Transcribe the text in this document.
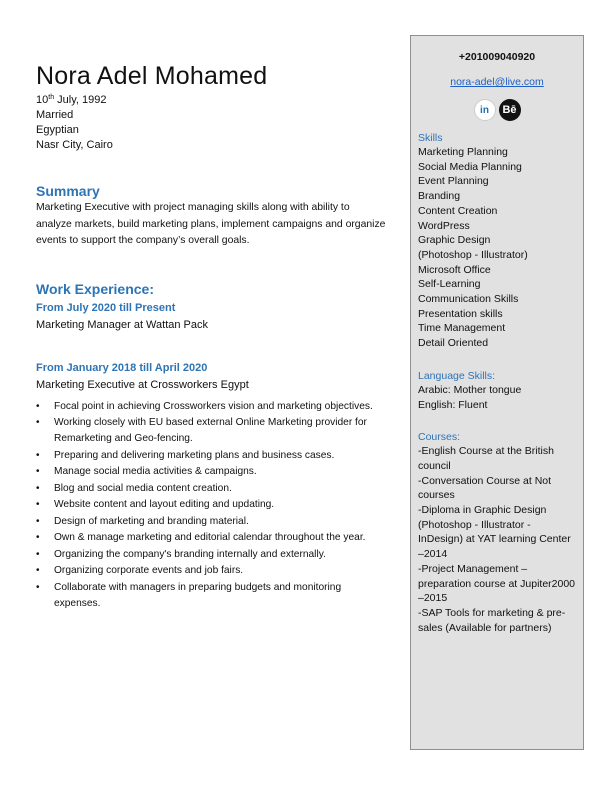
Nora Adel Mohamed
10th July, 1992
Married
Egyptian
Nasr City, Cairo
Summary
Marketing Executive with project managing skills along with ability to analyze markets, build marketing plans, implement campaigns and organize events to support the company’s overall goals.
Work Experience:
From July 2020 till Present
Marketing Manager at Wattan Pack
From January 2018 till April 2020
Marketing Executive at Crossworkers Egypt
• Focal point in achieving Crossworkers vision and marketing objectives.
• Working closely with EU based external Online Marketing provider for Remarketing and Geo-fencing.
• Preparing and delivering marketing plans and business cases.
• Manage social media activities & campaigns.
• Blog and social media content creation.
• Website content and layout editing and updating.
• Design of marketing and branding material.
• Own & manage marketing and editorial calendar throughout the year.
• Organizing the company's branding internally and externally.
• Organizing corporate events and job fairs.
• Collaborate with managers in preparing budgets and monitoring expenses.
+201009040920
nora-adel@live.com
in	Bē
Skills
Marketing Planning
Social Media Planning
Event Planning
Branding
Content Creation
WordPress
Graphic Design
(Photoshop - Illustrator)
Microsoft Office
Self-Learning
Communication Skills
Presentation skills
Time Management
Detail Oriented
Language Skills:
Arabic: Mother tongue
English: Fluent
Courses:
-English Course at the British council
-Conversation Course at Not courses
-Diploma in Graphic Design (Photoshop - Illustrator - InDesign) at YAT learning Center –2014
-Project Management – preparation course at Jupiter2000 –2015
-SAP Tools for marketing & pre-sales (Available for partners)
